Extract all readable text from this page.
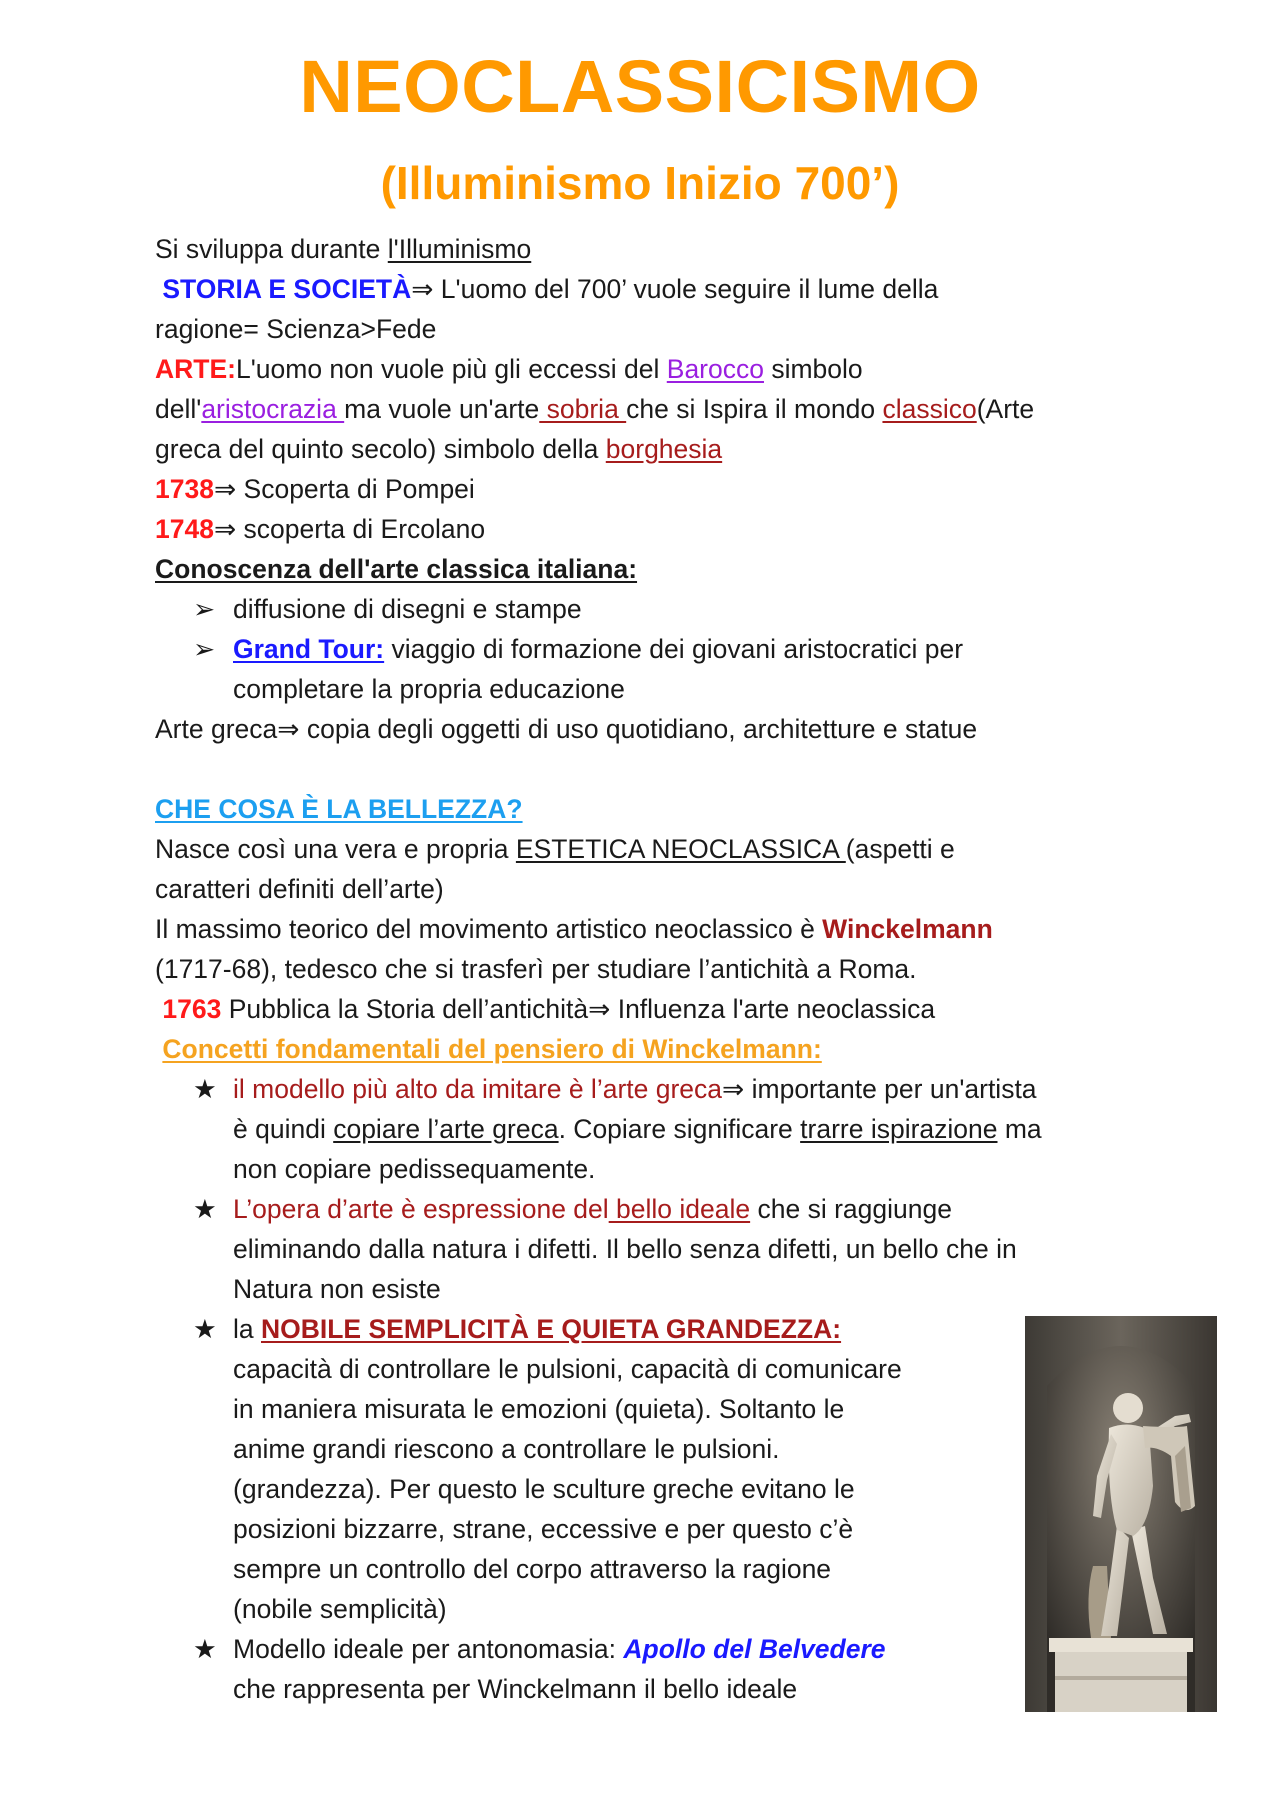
NEOCLASSICISMO
(Illuminismo Inizio 700’)
Si sviluppa durante l'Illuminismo
STORIA E SOCIETÀ⇒ L'uomo del 700’ vuole seguire il lume della
ragione= Scienza>Fede
ARTE:L'uomo non vuole più gli eccessi del Barocco simbolo
dell'aristocrazia ma vuole un'arte sobria che si Ispira il mondo classico(Arte
greca del quinto secolo) simbolo della borghesia
1738⇒ Scoperta di Pompei
1748⇒ scoperta di Ercolano
Conoscenza dell'arte classica italiana:
➢ diffusione di disegni e stampe
➢ Grand Tour: viaggio di formazione dei giovani aristocratici per
completare la propria educazione
Arte greca⇒ copia degli oggetti di uso quotidiano, architetture e statue
CHE COSA È LA BELLEZZA?
Nasce così una vera e propria ESTETICA NEOCLASSICA (aspetti e
caratteri definiti dell’arte)
Il massimo teorico del movimento artistico neoclassico è Winckelmann
(1717-68), tedesco che si trasferì per studiare l’antichità a Roma.
1763 Pubblica la Storia dell’antichità⇒ Influenza l'arte neoclassica
Concetti fondamentali del pensiero di Winckelmann:
★ il modello più alto da imitare è l’arte greca⇒ importante per un'artista
è quindi copiare l’arte greca. Copiare significare trarre ispirazione ma
non copiare pedissequamente.
★ L’opera d’arte è espressione del bello ideale che si raggiunge
eliminando dalla natura i difetti. Il bello senza difetti, un bello che in
Natura non esiste
★ la NOBILE SEMPLICITÀ E QUIETA GRANDEZZA:
capacità di controllare le pulsioni, capacità di comunicare
in maniera misurata le emozioni (quieta). Soltanto le
anime grandi riescono a controllare le pulsioni.
(grandezza). Per questo le sculture greche evitano le
posizioni bizzarre, strane, eccessive e per questo c’è
sempre un controllo del corpo attraverso la ragione
(nobile semplicità)
★ Modello ideale per antonomasia: Apollo del Belvedere
che rappresenta per Winckelmann il bello ideale
